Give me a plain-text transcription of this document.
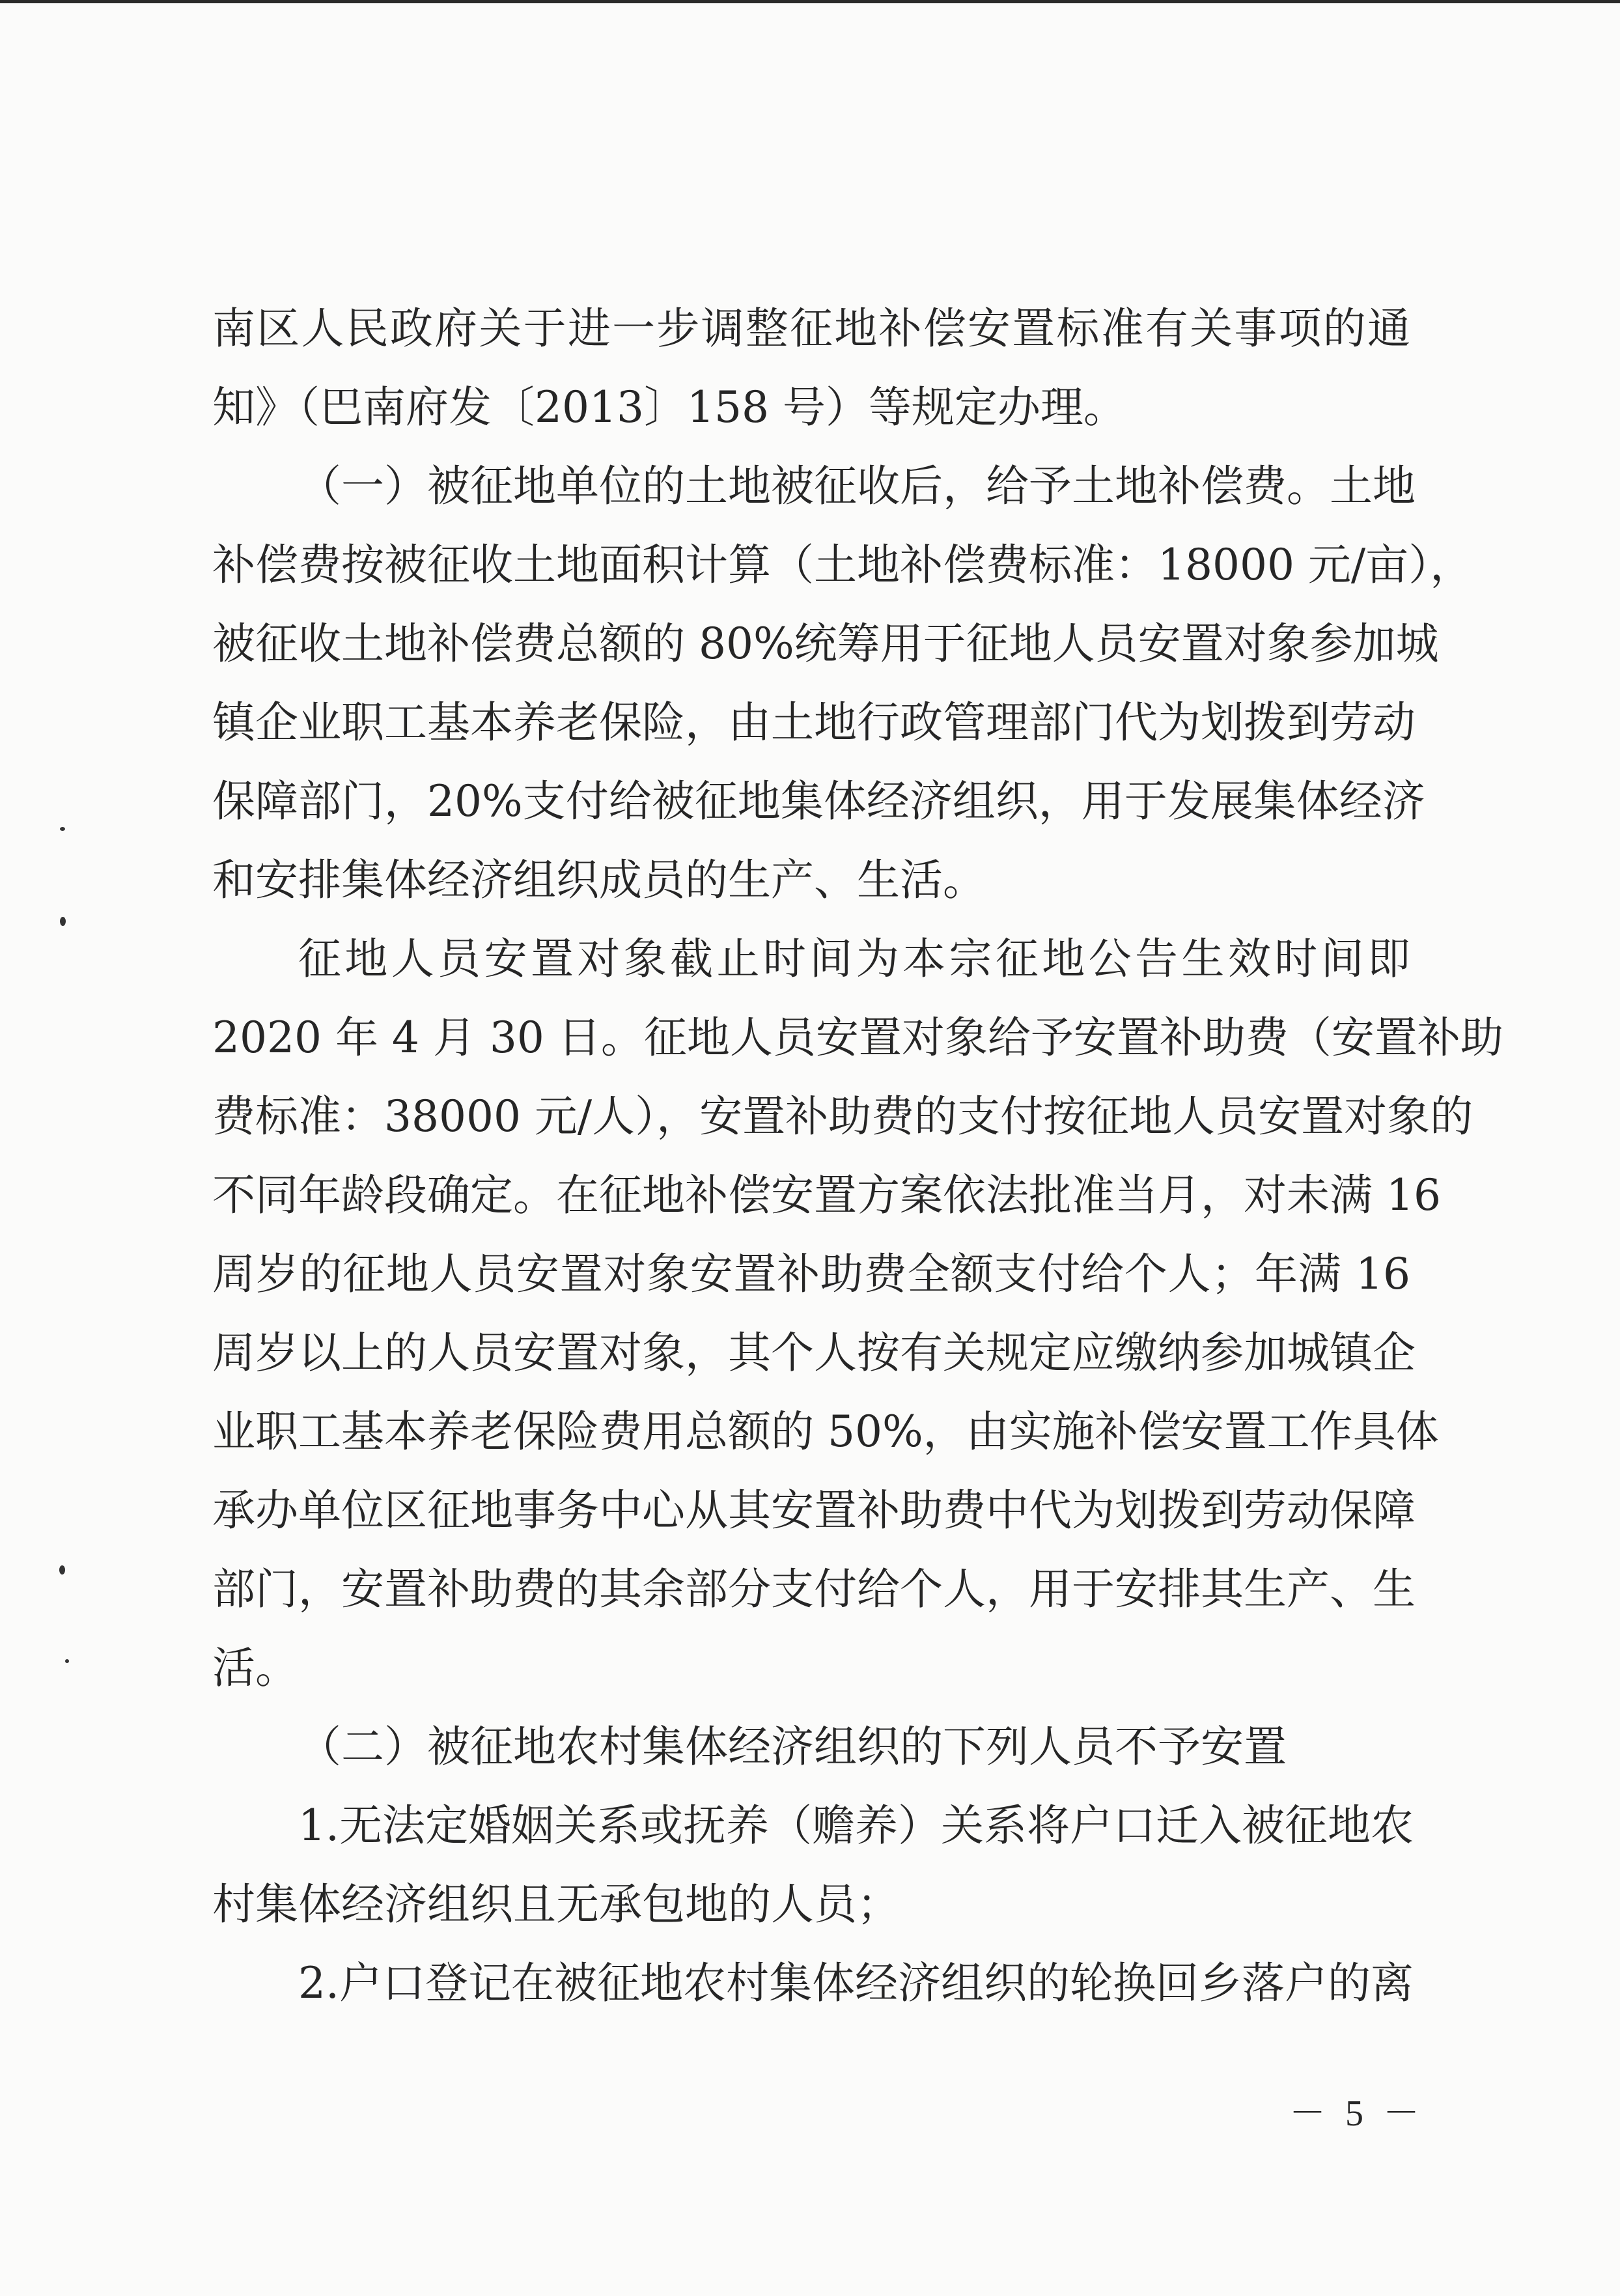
南区人民政府关于进一步调整征地补偿安置标准有关事项的通
知》（巴南府发〔2013〕158 号）等规定办理。
（一）被征地单位的土地被征收后，给予土地补偿费。土地
补偿费按被征收土地面积计算（土地补偿费标准：18000 元/亩），
被征收土地补偿费总额的 80%统筹用于征地人员安置对象参加城
镇企业职工基本养老保险，由土地行政管理部门代为划拨到劳动
保障部门，20%支付给被征地集体经济组织，用于发展集体经济
和安排集体经济组织成员的生产、生活。
征地人员安置对象截止时间为本宗征地公告生效时间即
2020 年 4 月 30 日。征地人员安置对象给予安置补助费（安置补助
费标准：38000 元/人），安置补助费的支付按征地人员安置对象的
不同年龄段确定。在征地补偿安置方案依法批准当月，对未满 16
周岁的征地人员安置对象安置补助费全额支付给个人；年满 16
周岁以上的人员安置对象，其个人按有关规定应缴纳参加城镇企
业职工基本养老保险费用总额的 50%，由实施补偿安置工作具体
承办单位区征地事务中心从其安置补助费中代为划拨到劳动保障
部门，安置补助费的其余部分支付给个人，用于安排其生产、生
活。
（二）被征地农村集体经济组织的下列人员不予安置
1.无法定婚姻关系或抚养（赡养）关系将户口迁入被征地农
村集体经济组织且无承包地的人员；
2.户口登记在被征地农村集体经济组织的轮换回乡落户的离
－ 5 －
